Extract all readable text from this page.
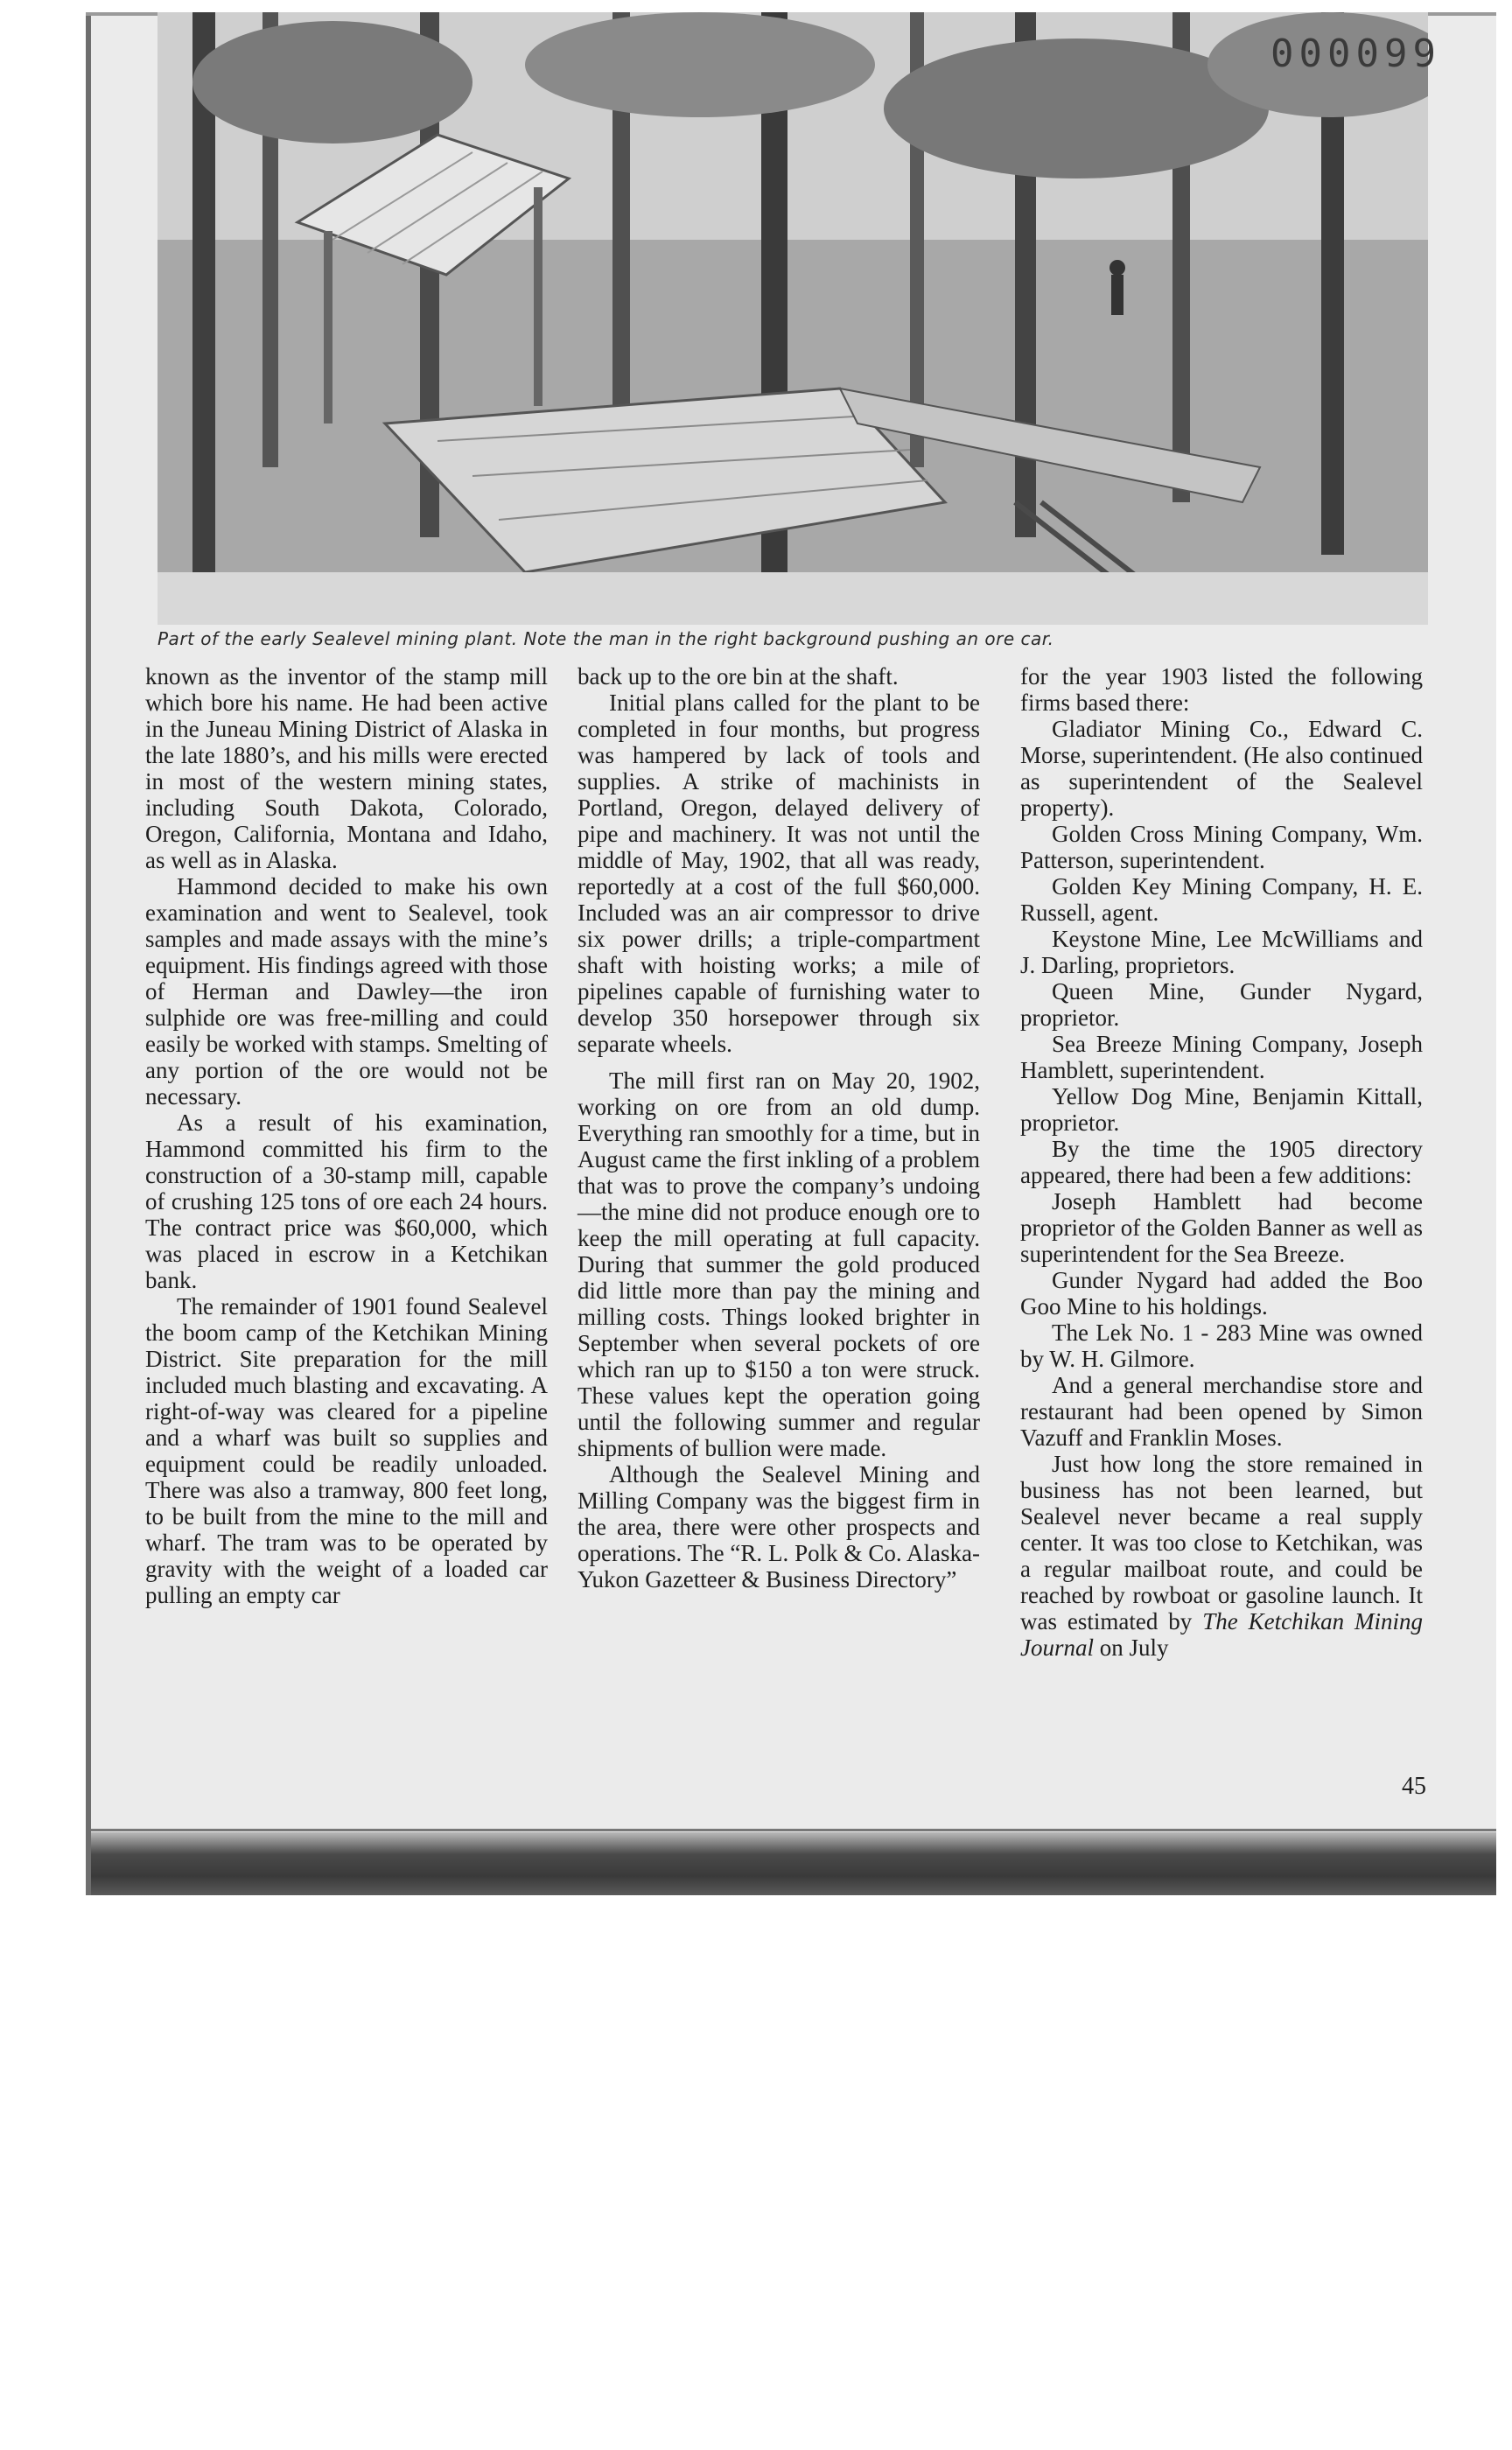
000099
Part of the early Sealevel mining plant. Note the man in the right background pushing an ore car.

known as the inventor of the stamp mill which bore his name. He had been active in the Juneau Mining District of Alaska in the late 1880’s, and his mills were erected in most of the western mining states, including South Dakota, Colorado, Oregon, California, Montana and Idaho, as well as in Alaska.

Hammond decided to make his own examination and went to Sealevel, took samples and made assays with the mine’s equipment. His findings agreed with those of Herman and Dawley—the iron sulphide ore was free-milling and could easily be worked with stamps. Smelting of any portion of the ore would not be necessary.

As a result of his examination, Hammond committed his firm to the construction of a 30-stamp mill, capable of crushing 125 tons of ore each 24 hours. The contract price was $60,000, which was placed in escrow in a Ketchikan bank.

The remainder of 1901 found Sealevel the boom camp of the Ketchikan Mining District. Site preparation for the mill included much blasting and excavating. A right-of-way was cleared for a pipeline and a wharf was built so supplies and equipment could be readily unloaded. There was also a tramway, 800 feet long, to be built from the mine to the mill and wharf. The tram was to be operated by gravity with the weight of a loaded car pulling an empty car

back up to the ore bin at the shaft.

Initial plans called for the plant to be completed in four months, but progress was hampered by lack of tools and supplies. A strike of machinists in Portland, Oregon, delayed delivery of pipe and machinery. It was not until the middle of May, 1902, that all was ready, reportedly at a cost of the full $60,000. Included was an air compressor to drive six power drills; a triple-compartment shaft with hoisting works; a mile of pipelines capable of furnishing water to develop 350 horsepower through six separate wheels.

The mill first ran on May 20, 1902, working on ore from an old dump. Everything ran smoothly for a time, but in August came the first inkling of a problem that was to prove the company’s undoing—the mine did not produce enough ore to keep the mill operating at full capacity. During that summer the gold produced did little more than pay the mining and milling costs. Things looked brighter in September when several pockets of ore which ran up to $150 a ton were struck. These values kept the operation going until the following summer and regular shipments of bullion were made.

Although the Sealevel Mining and Milling Company was the biggest firm in the area, there were other prospects and operations. The “R. L. Polk & Co. Alaska-Yukon Gazetteer & Business Directory”

for the year 1903 listed the following firms based there:

Gladiator Mining Co., Edward C. Morse, superintendent. (He also continued as superintendent of the Sealevel property).

Golden Cross Mining Company, Wm. Patterson, superintendent.

Golden Key Mining Company, H. E. Russell, agent.

Keystone Mine, Lee McWilliams and J. Darling, proprietors.

Queen Mine, Gunder Nygard, proprietor.

Sea Breeze Mining Company, Joseph Hamblett, superintendent.

Yellow Dog Mine, Benjamin Kittall, proprietor.

By the time the 1905 directory appeared, there had been a few additions:

Joseph Hamblett had become proprietor of the Golden Banner as well as superintendent for the Sea Breeze.

Gunder Nygard had added the Boo Goo Mine to his holdings.

The Lek No. 1 - 283 Mine was owned by W. H. Gilmore.

And a general merchandise store and restaurant had been opened by Simon Vazuff and Franklin Moses.

Just how long the store remained in business has not been learned, but Sealevel never became a real supply center. It was too close to Ketchikan, was a regular mailboat route, and could be reached by rowboat or gasoline launch. It was estimated by The Ketchikan Mining Journal on July

45
